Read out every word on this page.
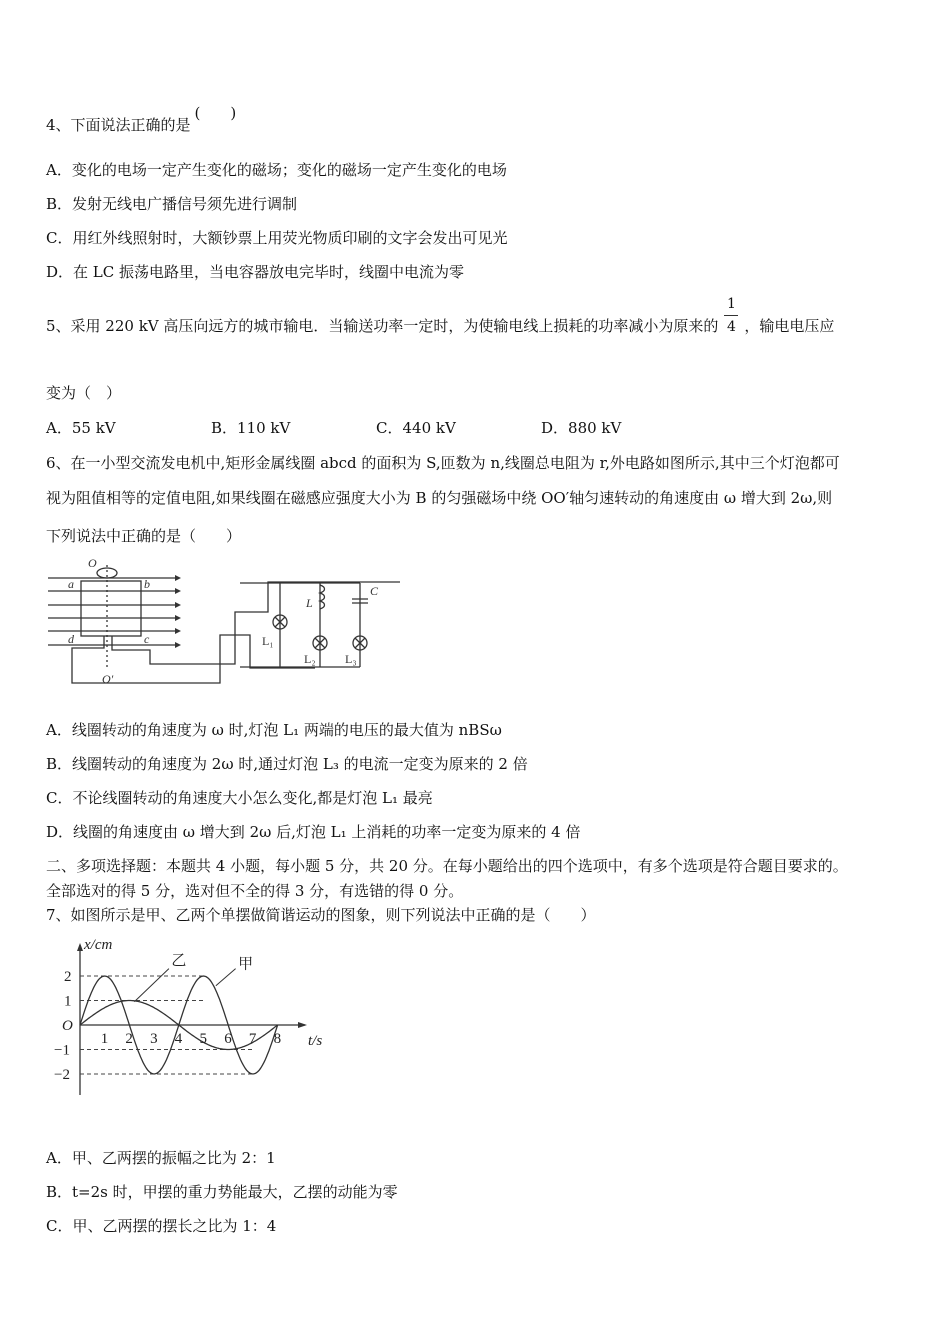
4、下面说法正确的是(　　)
A．变化的电场一定产生变化的磁场；变化的磁场一定产生变化的电场
B．发射无线电广播信号须先进行调制
C．用红外线照射时，大额钞票上用荧光物质印刷的文字会发出可见光
D．在 LC 振荡电路里，当电容器放电完毕时，线圈中电流为零
5、采用 220 kV 高压向远方的城市输电．当输送功率一定时，为使输电线上损耗的功率减小为原来的 $\frac{1}{4}$ ，输电电压应
变为（　）
A．55 kV	B．110 kV	C．440 kV	D．880 kV
6、在一小型交流发电机中,矩形金属线圈 abcd 的面积为 S,匝数为 n,线圈总电阻为 r,外电路如图所示,其中三个灯泡都可
视为阻值相等的定值电阻,如果线圈在磁感应强度大小为 B 的匀强磁场中绕 OO′轴匀速转动的角速度由 ω 增大到 2ω,则
下列说法中正确的是（　　）
O
O′
a	b
c
d
L
C
L₁
L₂ L₃
A．线圈转动的角速度为 ω 时,灯泡 L₁ 两端的电压的最大值为 nBSω
B．线圈转动的角速度为 2ω 时,通过灯泡 L₃ 的电流一定变为原来的 2 倍
C．不论线圈转动的角速度大小怎么变化,都是灯泡 L₁ 最亮
D．线圈的角速度由 ω 增大到 2ω 后,灯泡 L₁ 上消耗的功率一定变为原来的 4 倍
二、多项选择题：本题共 4 小题，每小题 5 分，共 20 分。在每小题给出的四个选项中，有多个选项是符合题目要求的。
全部选对的得 5 分，选对但不全的得 3 分，有选错的得 0 分。
7、如图所示是甲、乙两个单摆做简谐运动的图象，则下列说法中正确的是（　　）
乙	甲
x/cm
t/s
O
1 2 3 4 5 6 7 8
2
1
−1
−2
A．甲、乙两摆的振幅之比为 2：1
B．t=2s 时，甲摆的重力势能最大，乙摆的动能为零
C．甲、乙两摆的摆长之比为 1：4
